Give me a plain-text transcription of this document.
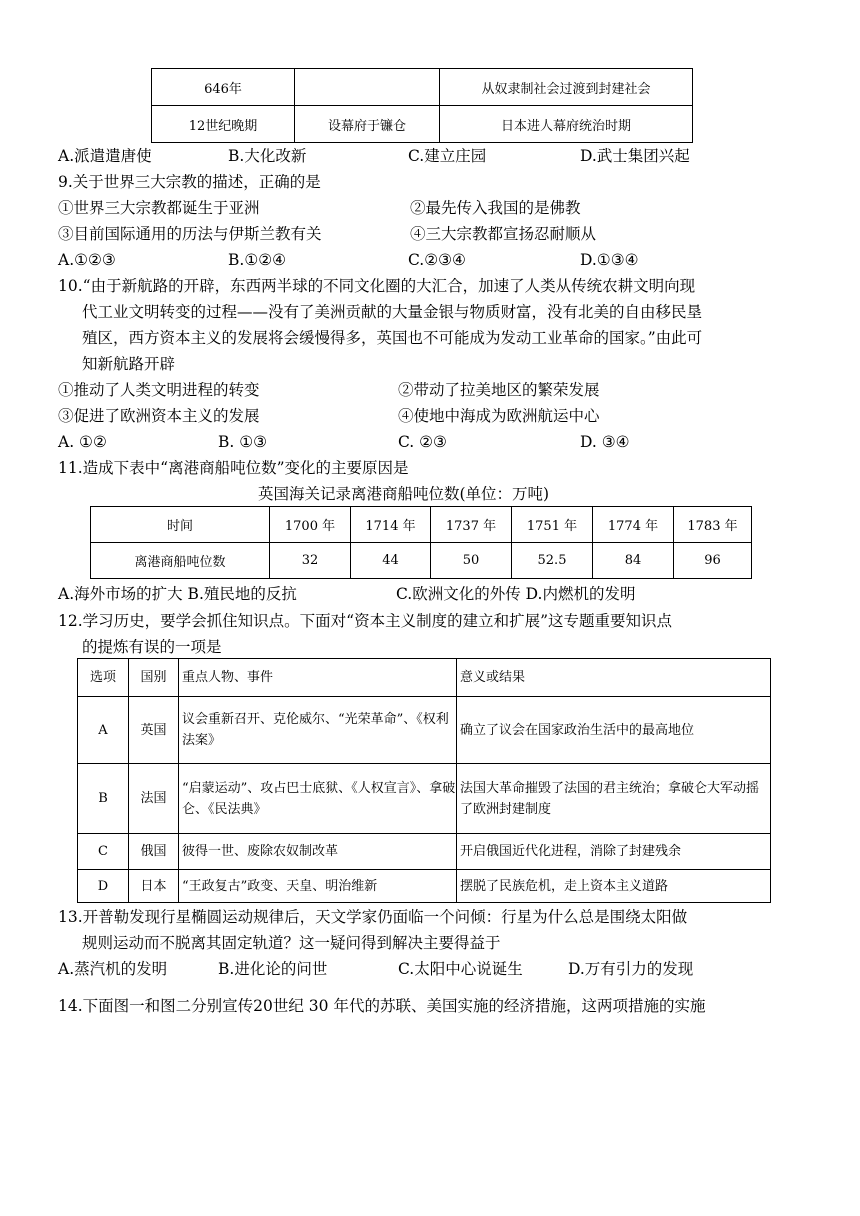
646年		从奴隶制社会过渡到封建社会
12世纪晚期	设幕府于镰仓	日本进人幕府统治时期
A.派遣遣唐使	B.大化改新	C.建立庄园	D.武士集团兴起
9.关于世界三大宗教的描述，正确的是
①世界三大宗教都诞生于亚洲	②最先传入我国的是佛教
③目前国际通用的历法与伊斯兰教有关	④三大宗教都宣扬忍耐顺从
A.①②③	B.①②④	C.②③④	D.①③④
10.“由于新航路的开辟，东西两半球的不同文化圈的大汇合，加速了人类从传统农耕文明向现
代工业文明转变的过程——没有了美洲贡献的大量金银与物质财富，没有北美的自由移民垦
殖区，西方资本主义的发展将会缓慢得多，英国也不可能成为发动工业革命的国家。”由此可
知新航路开辟
①推动了人类文明进程的转变	②带动了拉美地区的繁荣发展
③促进了欧洲资本主义的发展	④使地中海成为欧洲航运中心
A. ①②	B. ①③	C. ②③	D. ③④
11.造成下表中“离港商船吨位数”变化的主要原因是
英国海关记录离港商船吨位数(单位：万吨)
时间	1700 年	1714 年	1737 年	1751 年	1774 年	1783 年
离港商船吨位数	32	44	50	52.5	84	96
A.海外市场的扩大 B.殖民地的反抗	C.欧洲文化的外传 D.内燃机的发明
12.学习历史，要学会抓住知识点。下面对“资本主义制度的建立和扩展”这专题重要知识点
的提炼有误的一项是
选项	国别	重点人物、事件	意义或结果
A	英国	议会重新召开、克伦威尔、“光荣革命”、《权利法案》	确立了议会在国家政治生活中的最高地位
B	法国	“启蒙运动”、攻占巴士底狱、《人权宣言》、拿破仑、《民法典》	法国大革命摧毁了法国的君主统治；拿破仑大军动摇了欧洲封建制度
C	俄国	彼得一世、废除农奴制改革	开启俄国近代化进程，消除了封建残余
D	日本	“王政复古”政变、天皇、明治维新	摆脱了民族危机，走上资本主义道路
13.开普勒发现行星椭圆运动规律后，天文学家仍面临一个问倾：行星为什么总是围绕太阳做
规则运动而不脱离其固定轨道？这一疑问得到解决主要得益于
A.蒸汽机的发明	B.进化论的问世	C.太阳中心说诞生	D.万有引力的发现
14.下面图一和图二分别宣传20世纪 30 年代的苏联、美国实施的经济措施，这两项措施的实施
